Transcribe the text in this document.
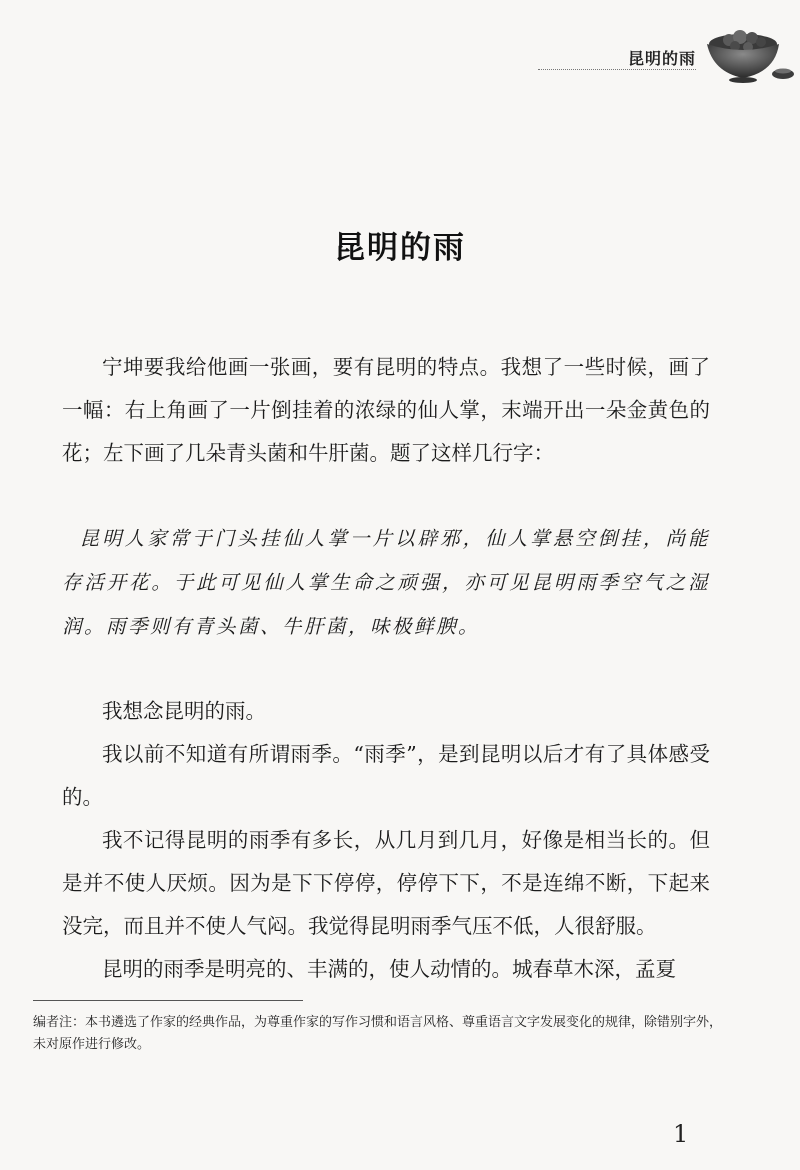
昆明的雨
昆明的雨

宁坤要我给他画一张画，要有昆明的特点。我想了一些时候，画了一幅：右上角画了一片倒挂着的浓绿的仙人掌，末端开出一朵金黄色的花；左下画了几朵青头菌和牛肝菌。题了这样几行字：

昆明人家常于门头挂仙人掌一片以辟邪，仙人掌悬空倒挂，尚能存活开花。于此可见仙人掌生命之顽强，亦可见昆明雨季空气之湿润。雨季则有青头菌、牛肝菌，味极鲜腴。

我想念昆明的雨。

我以前不知道有所谓雨季。“雨季”，是到昆明以后才有了具体感受的。

我不记得昆明的雨季有多长，从几月到几月，好像是相当长的。但是并不使人厌烦。因为是下下停停，停停下下，不是连绵不断，下起来没完，而且并不使人气闷。我觉得昆明雨季气压不低，人很舒服。

昆明的雨季是明亮的、丰满的，使人动情的。城春草木深，孟夏

编者注：本书遴选了作家的经典作品，为尊重作家的写作习惯和语言风格、尊重语言文字发展变化的规律，除错别字外，未对原作进行修改。

1
